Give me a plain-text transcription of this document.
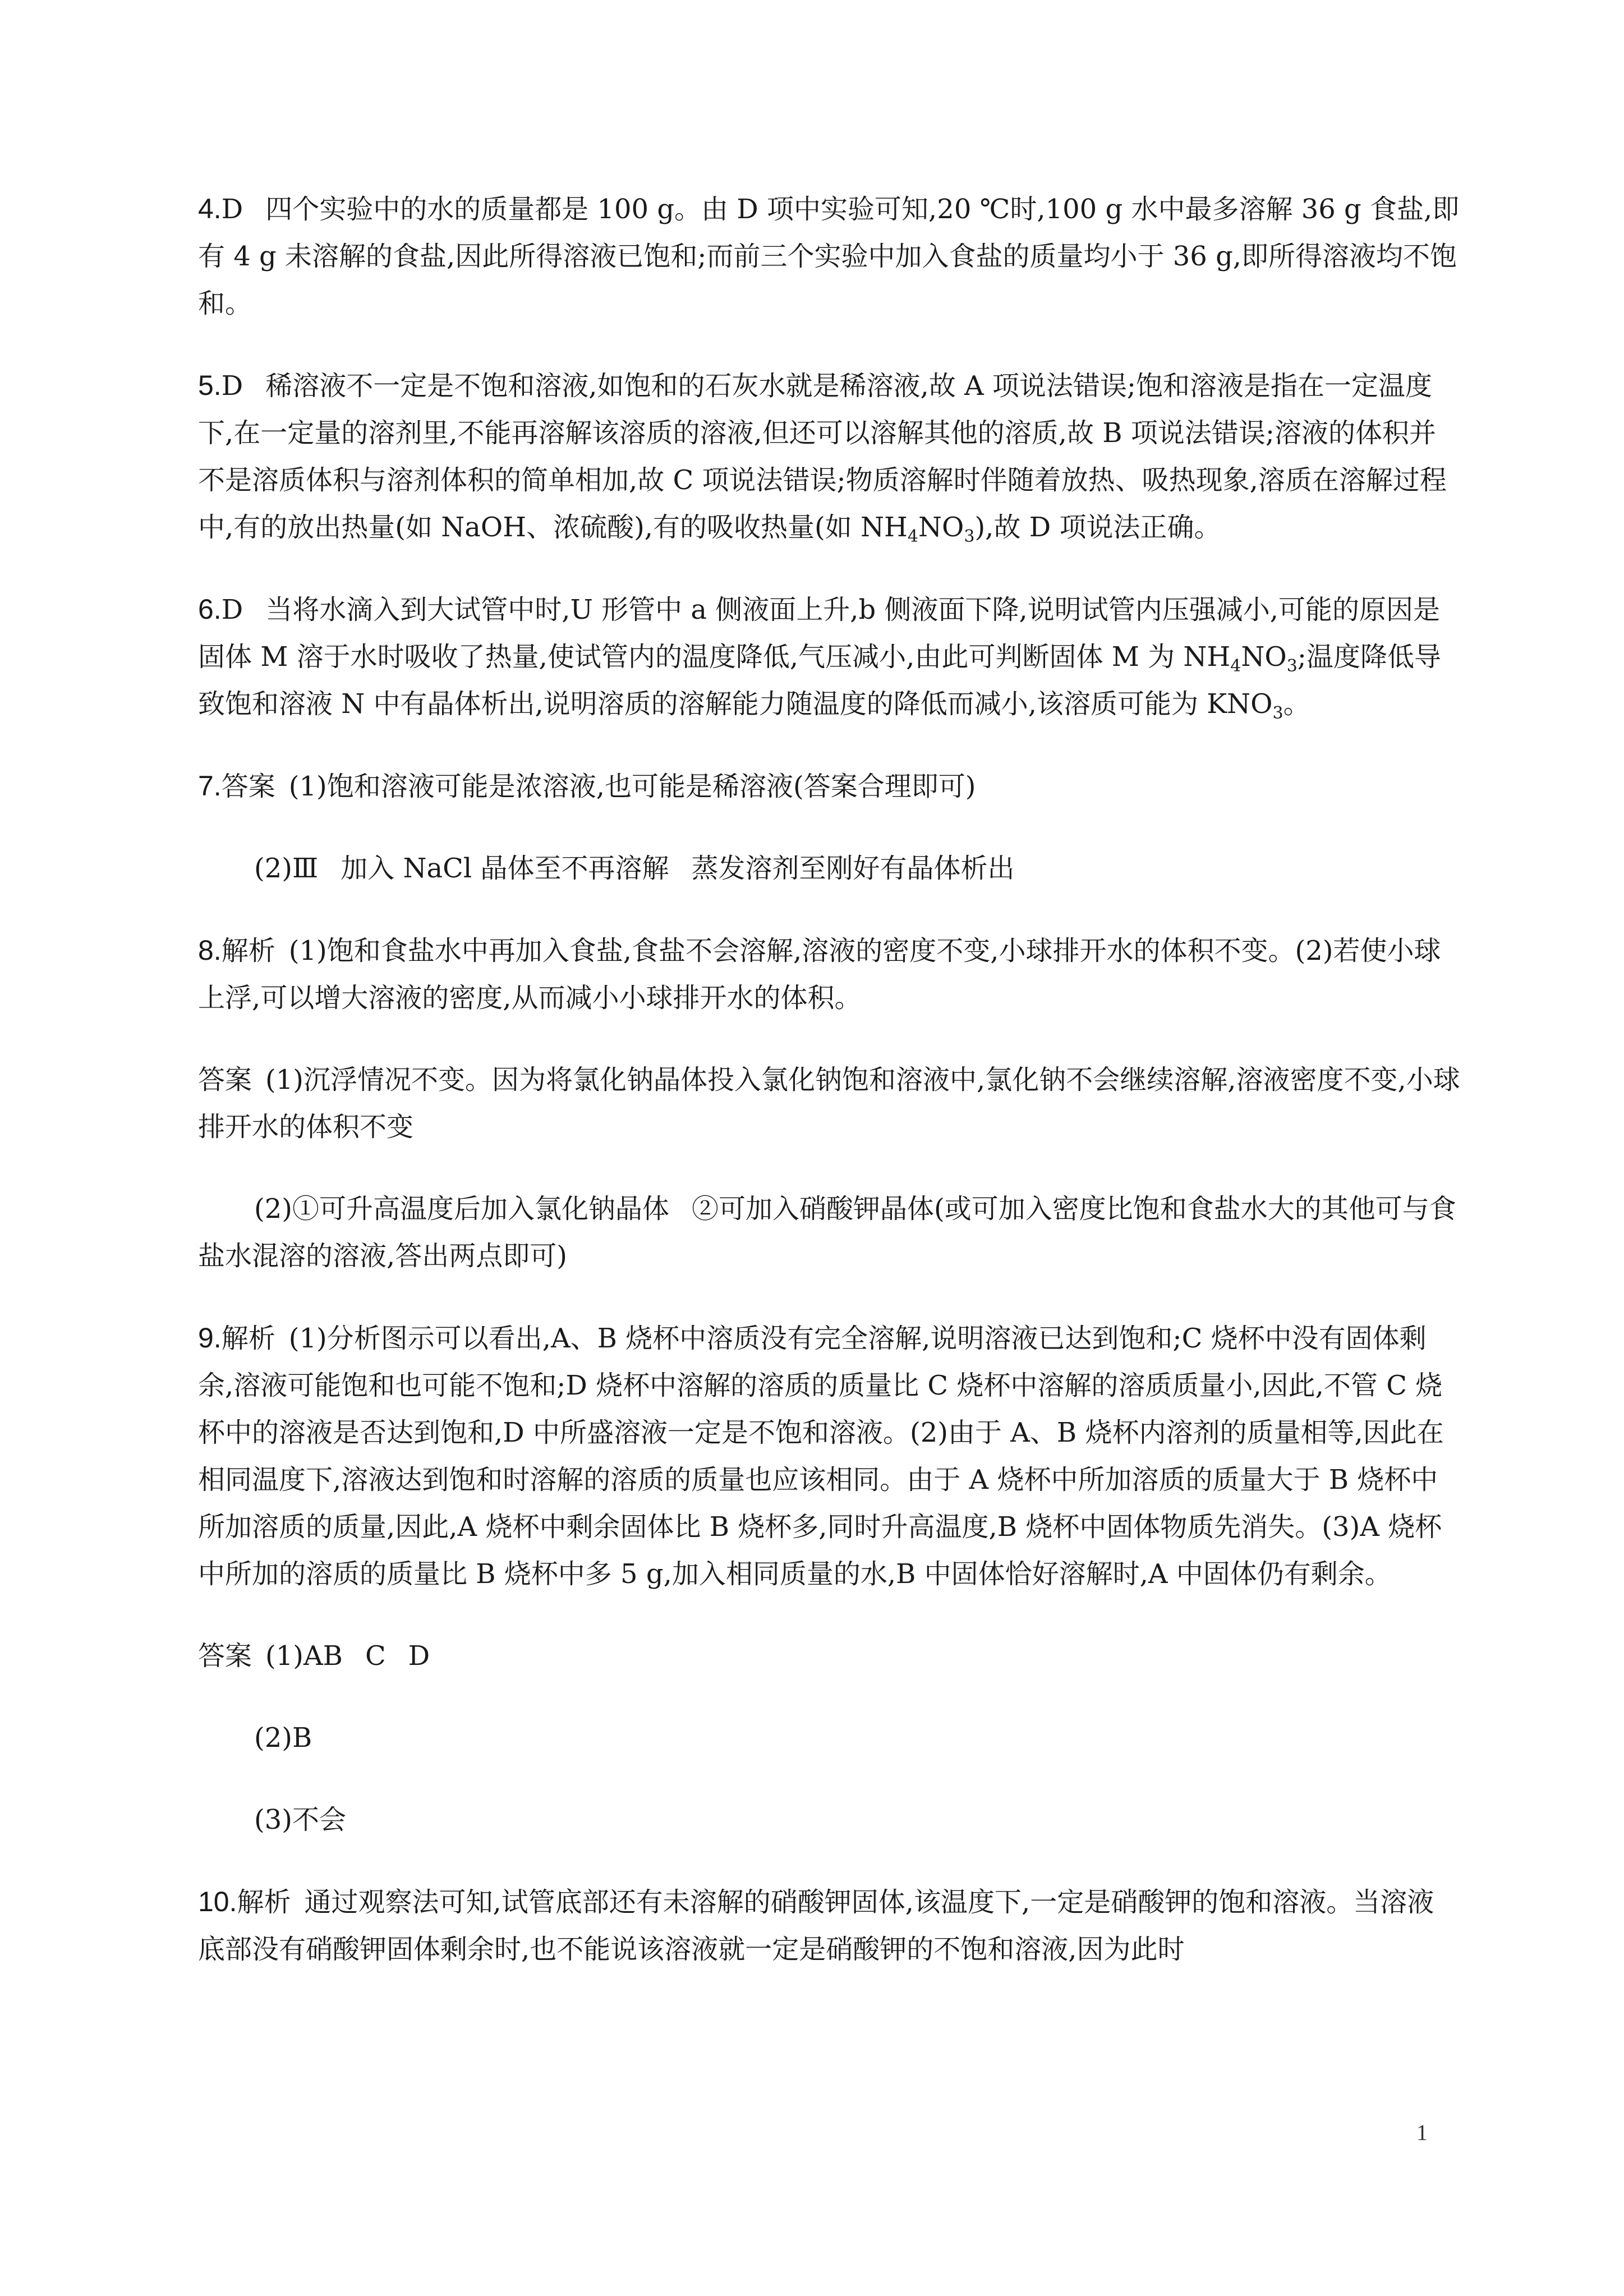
4.D 四个实验中的水的质量都是 100 g。由 D 项中实验可知,20 ℃时,100 g 水中最多溶解 36 g 食盐,即有 4 g 未溶解的食盐,因此所得溶液已饱和;而前三个实验中加入食盐的质量均小于 36 g,即所得溶液均不饱和。

5.D 稀溶液不一定是不饱和溶液,如饱和的石灰水就是稀溶液,故 A 项说法错误;饱和溶液是指在一定温度下,在一定量的溶剂里,不能再溶解该溶质的溶液,但还可以溶解其他的溶质,故 B 项说法错误;溶液的体积并不是溶质体积与溶剂体积的简单相加,故 C 项说法错误;物质溶解时伴随着放热、吸热现象,溶质在溶解过程中,有的放出热量(如 NaOH、浓硫酸),有的吸收热量(如 $NH_4NO_3$),故 D 项说法正确。

6.D 当将水滴入到大试管中时,U 形管中 a 侧液面上升,b 侧液面下降,说明试管内压强减小,可能的原因是固体 M 溶于水时吸收了热量,使试管内的温度降低,气压减小,由此可判断固体 M 为 $NH_4NO_3$;温度降低导致饱和溶液 N 中有晶体析出,说明溶质的溶解能力随温度的降低而减小,该溶质可能为 $KNO_3$。

7.答案 (1)饱和溶液可能是浓溶液,也可能是稀溶液(答案合理即可)

(2)Ⅲ 加入 NaCl 晶体至不再溶解 蒸发溶剂至刚好有晶体析出

8.解析 (1)饱和食盐水中再加入食盐,食盐不会溶解,溶液的密度不变,小球排开水的体积不变。(2)若使小球上浮,可以增大溶液的密度,从而减小小球排开水的体积。

答案 (1)沉浮情况不变。因为将氯化钠晶体投入氯化钠饱和溶液中,氯化钠不会继续溶解,溶液密度不变,小球排开水的体积不变

(2)①可升高温度后加入氯化钠晶体 ②可加入硝酸钾晶体(或可加入密度比饱和食盐水大的其他可与食盐水混溶的溶液,答出两点即可)

9.解析 (1)分析图示可以看出,A、B 烧杯中溶质没有完全溶解,说明溶液已达到饱和;C 烧杯中没有固体剩余,溶液可能饱和也可能不饱和;D 烧杯中溶解的溶质的质量比 C 烧杯中溶解的溶质质量小,因此,不管 C 烧杯中的溶液是否达到饱和,D 中所盛溶液一定是不饱和溶液。(2)由于 A、B 烧杯内溶剂的质量相等,因此在相同温度下,溶液达到饱和时溶解的溶质的质量也应该相同。由于 A 烧杯中所加溶质的质量大于 B 烧杯中所加溶质的质量,因此,A 烧杯中剩余固体比 B 烧杯多,同时升高温度,B 烧杯中固体物质先消失。(3)A 烧杯中所加的溶质的质量比 B 烧杯中多 5 g,加入相同质量的水,B 中固体恰好溶解时,A 中固体仍有剩余。

答案 (1)AB C D

(2)B

(3)不会

10.解析 通过观察法可知,试管底部还有未溶解的硝酸钾固体,该温度下,一定是硝酸钾的饱和溶液。当溶液底部没有硝酸钾固体剩余时,也不能说该溶液就一定是硝酸钾的不饱和溶液,因为此时

1
